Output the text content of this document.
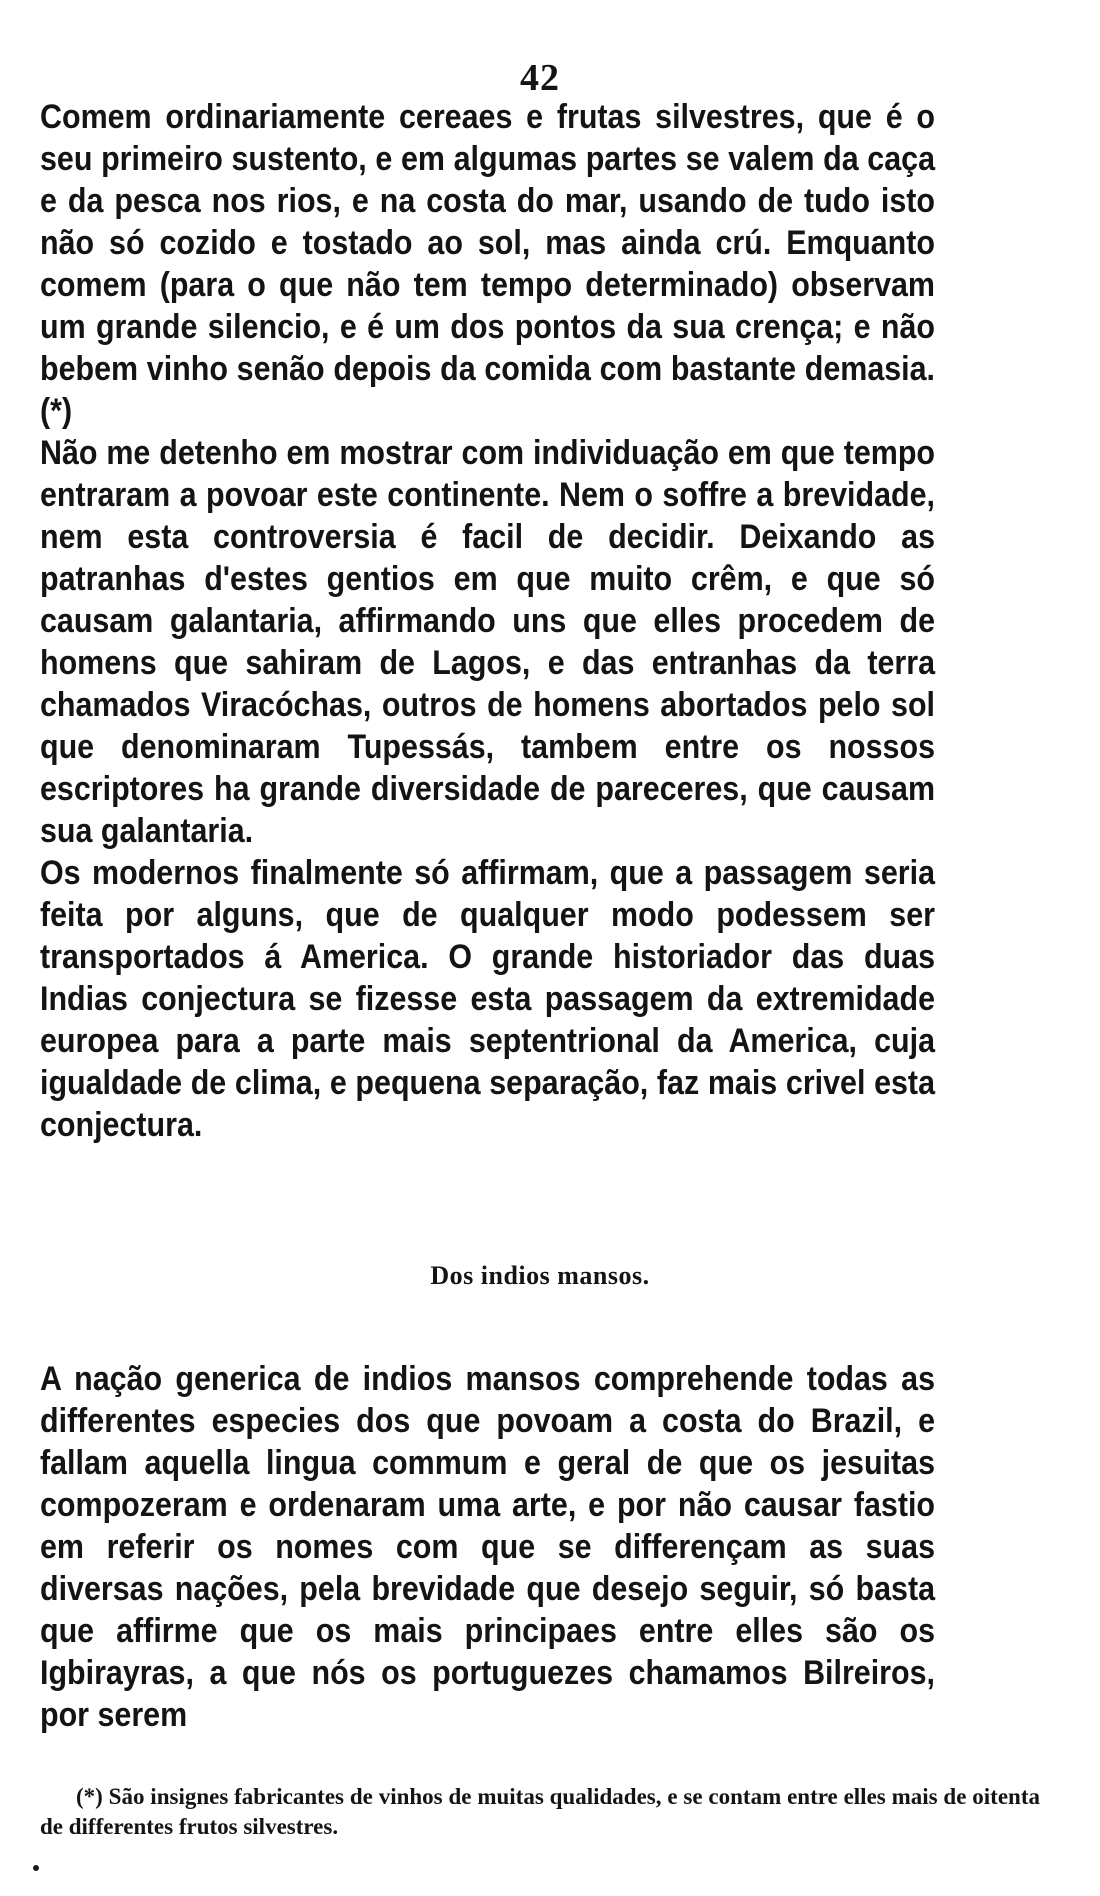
42

Comem ordinariamente cereaes e frutas silvestres, que é o seu primeiro sustento, e em algumas partes se valem da caça e da pesca nos rios, e na costa do mar, usando de tudo isto não só cozido e tostado ao sol, mas ainda crú. Emquanto comem (para o que não tem tempo determinado) observam um grande silencio, e é um dos pontos da sua crença; e não bebem vinho senão depois da comida com bastante demasia. (*)

Não me detenho em mostrar com individuação em que tempo entraram a povoar este continente. Nem o soffre a brevidade, nem esta controversia é facil de decidir. Deixando as patranhas d'estes gentios em que muito crêm, e que só causam galantaria, affirmando uns que elles procedem de homens que sahiram de Lagos, e das entranhas da terra chamados Viracóchas, outros de homens abortados pelo sol que denominaram Tupessás, tambem entre os nossos escriptores ha grande diversidade de pareceres, que causam sua galantaria.

Os modernos finalmente só affirmam, que a passagem seria feita por alguns, que de qualquer modo podessem ser transportados á America. O grande historiador das duas Indias conjectura se fizesse esta passagem da extremidade europea para a parte mais septentrional da America, cuja igualdade de clima, e pequena separação, faz mais crivel esta conjectura.

Dos indios mansos.

A nação generica de indios mansos comprehende todas as differentes especies dos que povoam a costa do Brazil, e fallam aquella lingua commum e geral de que os jesuitas compozeram e ordenaram uma arte, e por não causar fastio em referir os nomes com que se differençam as suas diversas nações, pela brevidade que desejo seguir, só basta que affirme que os mais principaes entre elles são os Igbirayras, a que nós os portuguezes chamamos Bilreiros, por serem

(*) São insignes fabricantes de vinhos de muitas qualidades, e se contam entre elles mais de oitenta de differentes frutos silvestres.
